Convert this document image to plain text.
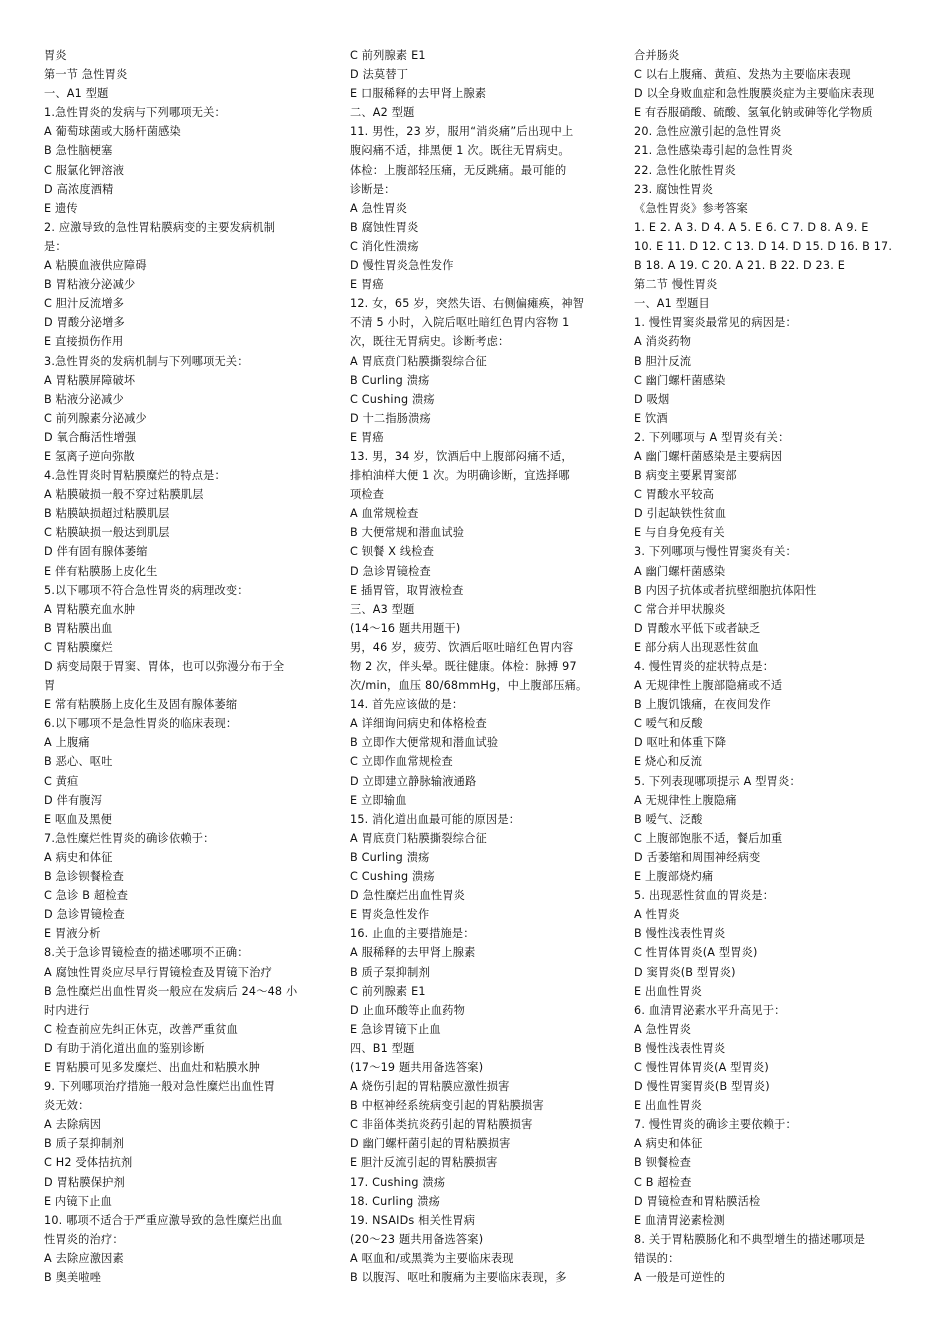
胃炎
第一节 急性胃炎
一、A1 型题
1.急性胃炎的发病与下列哪项无关：
A 葡萄球菌或大肠杆菌感染
B 急性脑梗塞
C 服氯化钾溶液
D 高浓度酒精
E 遗传
2. 应激导致的急性胃粘膜病变的主要发病机制
是：
A 粘膜血液供应障碍
B 胃粘液分泌减少
C 胆汁反流增多
D 胃酸分泌增多
E 直接损伤作用
3.急性胃炎的发病机制与下列哪项无关：
A 胃粘膜屏障破坏
B 粘液分泌减少
C 前列腺素分泌减少
D 氧合酶活性增强
E 氢离子逆向弥散
4.急性胃炎时胃粘膜糜烂的特点是：
A 粘膜破损一般不穿过粘膜肌层
B 粘膜缺损超过粘膜肌层
C 粘膜缺损一般达到肌层
D 伴有固有腺体萎缩
E 伴有粘膜肠上皮化生
5.以下哪项不符合急性胃炎的病理改变：
A 胃粘膜充血水肿
B 胃粘膜出血
C 胃粘膜糜烂
D 病变局限于胃窦、胃体，也可以弥漫分布于全
胃
E 常有粘膜肠上皮化生及固有腺体萎缩
6.以下哪项不是急性胃炎的临床表现：
A 上腹痛
B 恶心、呕吐
C 黄疸
D 伴有腹泻
E 呕血及黑便
7.急性糜烂性胃炎的确诊依赖于：
A 病史和体征
B 急诊钡餐检查
C 急诊 B 超检查
D 急诊胃镜检查
E 胃液分析
8.关于急诊胃镜检查的描述哪项不正确：
A 腐蚀性胃炎应尽早行胃镜检查及胃镜下治疗
B 急性糜烂出血性胃炎一般应在发病后 24～48 小
时内进行
C 检查前应先纠正休克，改善严重贫血
D 有助于消化道出血的鉴别诊断
E 胃粘膜可见多发糜烂、出血灶和粘膜水肿
9. 下列哪项治疗措施一般对急性糜烂出血性胃
炎无效：
A 去除病因
B 质子泵抑制剂
C H2 受体拮抗剂
D 胃粘膜保护剂
E 内镜下止血
10. 哪项不适合于严重应激导致的急性糜烂出血
性胃炎的治疗：
A 去除应激因素
B 奥美啦唑
C 前列腺素 E1
D 法莫替丁
E 口服稀释的去甲肾上腺素
二、A2 型题
11. 男性，23 岁，服用“消炎痛”后出现中上
腹闷痛不适，排黑便 1 次。既往无胃病史。
体检：上腹部轻压痛，无反跳痛。最可能的
诊断是：
A 急性胃炎
B 腐蚀性胃炎
C 消化性溃疡
D 慢性胃炎急性发作
E 胃癌
12. 女，65 岁，突然失语、右侧偏瘫痪，神智
不清 5 小时，入院后呕吐暗红色胃内容物 1
次，既往无胃病史。诊断考虑：
A 胃底贲门粘膜撕裂综合征
B Curling 溃疡
C Cushing 溃疡
D 十二指肠溃疡
E 胃癌
13. 男，34 岁，饮酒后中上腹部闷痛不适，
排柏油样大便 1 次。为明确诊断，宜选择哪
项检查
A 血常规检查
B 大便常规和潜血试验
C 钡餐 X 线检查
D 急诊胃镜检查
E 插胃管，取胃液检查
三、A3 型题
(14～16 题共用题干)
男，46 岁，疲劳、饮酒后呕吐暗红色胃内容
物 2 次，伴头晕。既往健康。体检：脉搏 97
次/min，血压 80/68mmHg，中上腹部压痛。
14. 首先应该做的是：
A 详细询问病史和体格检查
B 立即作大便常规和潜血试验
C 立即作血常规检查
D 立即建立静脉输液通路
E 立即输血
15. 消化道出血最可能的原因是：
A 胃底贲门粘膜撕裂综合征
B Curling 溃疡
C Cushing 溃疡
D 急性糜烂出血性胃炎
E 胃炎急性发作
16. 止血的主要措施是：
A 服稀释的去甲肾上腺素
B 质子泵抑制剂
C 前列腺素 E1
D 止血环酸等止血药物
E 急诊胃镜下止血
四、B1 型题
(17～19 题共用备选答案)
A 烧伤引起的胃粘膜应激性损害
B 中枢神经系统病变引起的胃粘膜损害
C 非甾体类抗炎药引起的胃粘膜损害
D 幽门螺杆菌引起的胃粘膜损害
E 胆汁反流引起的胃粘膜损害
17. Cushing 溃疡
18. Curling 溃疡
19. NSAIDs 相关性胃病
(20～23 题共用备选答案)
A 呕血和/或黑粪为主要临床表现
B 以腹泻、呕吐和腹痛为主要临床表现，多
合并肠炎
C 以右上腹痛、黄疸、发热为主要临床表现
D 以全身败血症和急性腹膜炎症为主要临床表现
E 有吞服硝酸、硫酸、氢氧化钠或砷等化学物质
20. 急性应激引起的急性胃炎
21. 急性感染毒引起的急性胃炎
22. 急性化脓性胃炎
23. 腐蚀性胃炎
《急性胃炎》参考答案
1. E 2. A 3. D 4. A 5. E 6. C 7. D 8. A 9. E
10. E 11. D 12. C 13. D 14. D 15. D 16. B 17.
B 18. A 19. C 20. A 21. B 22. D 23. E
第二节 慢性胃炎
一、A1 型题目
1. 慢性胃窦炎最常见的病因是：
A 消炎药物
B 胆汁反流
C 幽门螺杆菌感染
D 吸烟
E 饮酒
2. 下列哪项与 A 型胃炎有关：
A 幽门螺杆菌感染是主要病因
B 病变主要累胃窦部
C 胃酸水平较高
D 引起缺铁性贫血
E 与自身免疫有关
3. 下列哪项与慢性胃窦炎有关：
A 幽门螺杆菌感染
B 内因子抗体或者抗壁细胞抗体阳性
C 常合并甲状腺炎
D 胃酸水平低下或者缺乏
E 部分病人出现恶性贫血
4. 慢性胃炎的症状特点是：
A 无规律性上腹部隐痛或不适
B 上腹饥饿痛，在夜间发作
C 嗳气和反酸
D 呕吐和体重下降
E 烧心和反流
5. 下列表现哪项提示 A 型胃炎：
A 无规律性上腹隐痛
B 嗳气、泛酸
C 上腹部饱胀不适，餐后加重
D 舌萎缩和周围神经病变
E 上腹部烧灼痛
5. 出现恶性贫血的胃炎是：
A 性胃炎
B 慢性浅表性胃炎
C 性胃体胃炎(A 型胃炎)
D 窦胃炎(B 型胃炎)
E 出血性胃炎
6. 血清胃泌素水平升高见于：
A 急性胃炎
B 慢性浅表性胃炎
C 慢性胃体胃炎(A 型胃炎)
D 慢性胃窦胃炎(B 型胃炎)
E 出血性胃炎
7. 慢性胃炎的确诊主要依赖于：
A 病史和体征
B 钡餐检查
C B 超检查
D 胃镜检查和胃粘膜活检
E 血清胃泌素检测
8. 关于胃粘膜肠化和不典型增生的描述哪项是
错误的：
A 一般是可逆性的
